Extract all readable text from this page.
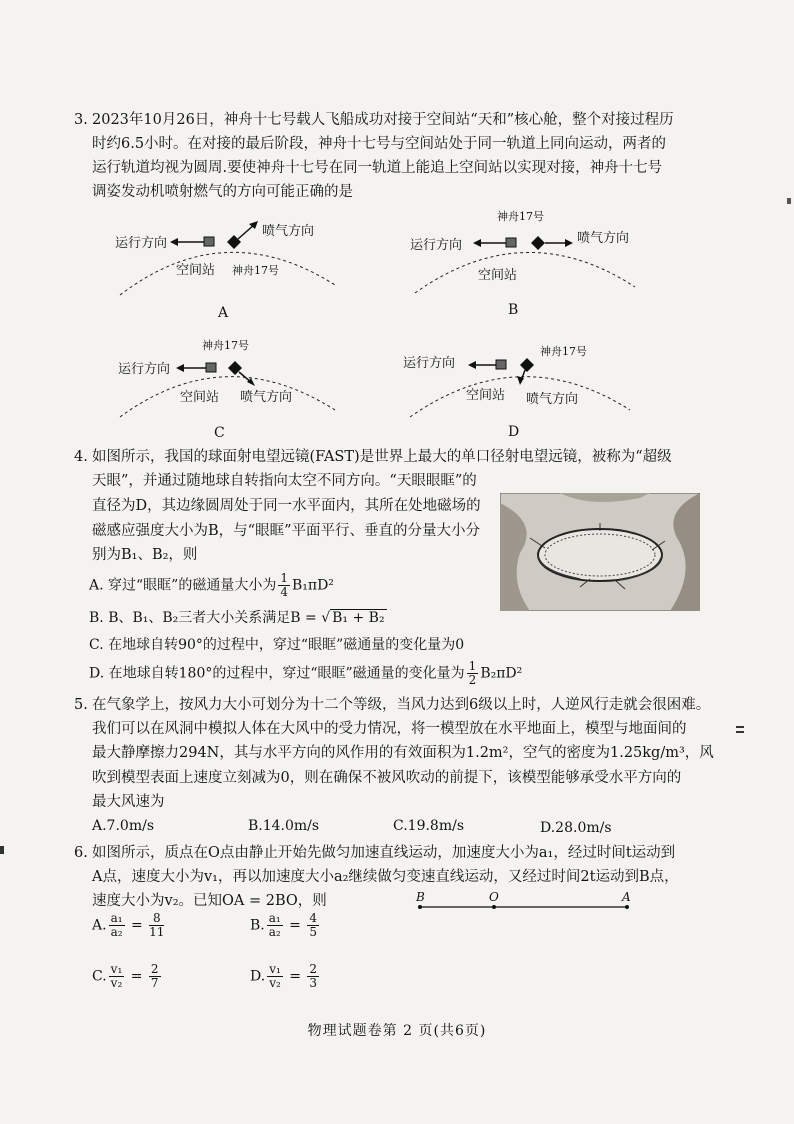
3. 2023年10月26日，神舟十七号载人飞船成功对接于空间站“天和”核心舱，整个对接过程历
时约6.5小时。在对接的最后阶段，神舟十七号与空间站处于同一轨道上同向运动，两者的
运行轨道均视为圆周.要使神舟十七号在同一轨道上能追上空间站以实现对接，神舟十七号
调姿发动机喷射燃气的方向可能正确的是
运行方向
喷气方向
空间站 神舟17号
A
神舟17号
运行方向	喷气方向
空间站
B
神舟17号
运行方向
空间站 喷气方向
C
运行方向
神舟17号
空间站 喷气方向
D
4. 如图所示，我国的球面射电望远镜(FAST)是世界上最大的单口径射电望远镜，被称为“超级
天眼”，并通过随地球自转指向太空不同方向。“天眼眼眶”的
直径为D，其边缘圆周处于同一水平面内，其所在处地磁场的
磁感应强度大小为B，与“眼眶”平面平行、垂直的分量大小分
别为B₁、B₂，则
A. 穿过“眼眶”的磁通量大小为 $\frac{1}{4} B_1\pi D^2$
B. B、B₁、B₂三者大小关系满足B = √ B₁ + B₂
C. 在地球自转90°的过程中，穿过“眼眶”磁通量的变化量为0
D. 在地球自转180°的过程中，穿过“眼眶”磁通量的变化量为 $\frac{1}{2} B_2\pi D^2$
5. 在气象学上，按风力大小可划分为十二个等级，当风力达到6级以上时，人逆风行走就会很困难。
我们可以在风洞中模拟人体在大风中的受力情况，将一模型放在水平地面上，模型与地面间的
最大静摩擦力294N，其与水平方向的风作用的有效面积为1.2m²，空气的密度为1.25kg/m³，风
吹到模型表面上速度立刻减为0，则在确保不被风吹动的前提下，该模型能够承受水平方向的
最大风速为
A.7.0m/s	B.14.0m/s	C.19.8m/s	D.28.0m/s
6. 如图所示，质点在O点由静止开始先做匀加速直线运动，加速度大小为a₁，经过时间t运动到
A点，速度大小为v₁，再以加速度大小a₂继续做匀变速直线运动，又经过时间2t运动到B点，
速度大小为v₂。已知OA = 2BO，则	B	O	A
A. $\frac{\text{a₁}}{\text{a₂}} = \frac{8}{11}$	B. $\frac{\text{a₁}}{\text{a₂}} = \frac{4}{5}$
C. $\frac{\text{v₁}}{\text{v₂}} = \frac{2}{7}$	D. $\frac{\text{v₁}}{\text{v₂}} = \frac{2}{3}$
物理试题卷第 2 页(共6页)
